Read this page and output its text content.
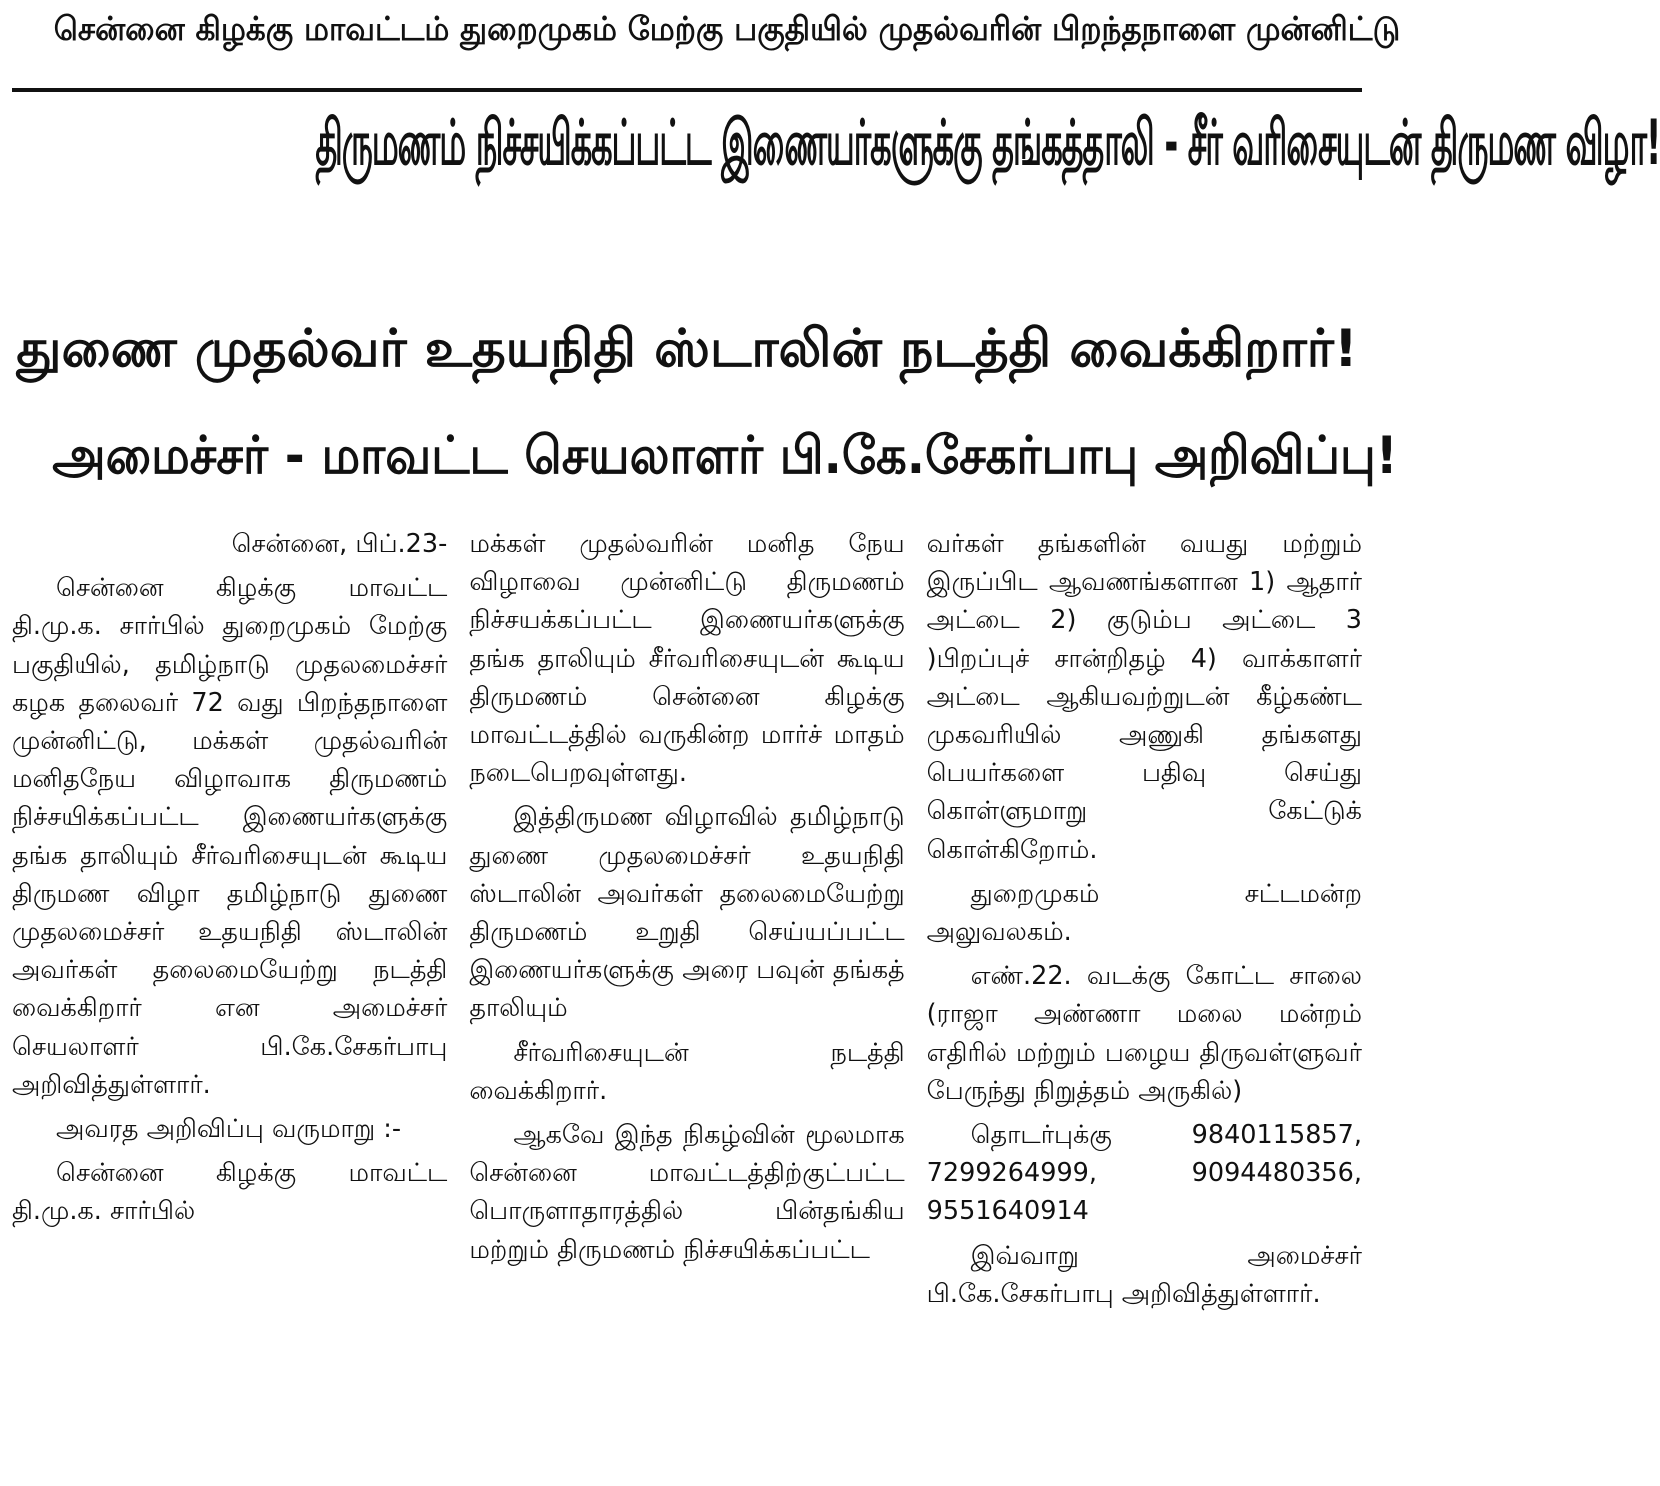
சென்னை கிழக்கு மாவட்டம் துறைமுகம் மேற்கு பகுதியில் முதல்வரின் பிறந்தநாளை முன்னிட்டு
திருமணம் நிச்சயிக்கப்பட்ட இணையர்களுக்கு தங்கத்தாலி - சீர் வரிசையுடன் திருமண விழா!
துணை முதல்வர் உதயநிதி ஸ்டாலின் நடத்தி வைக்கிறார்!
அமைச்சர் - மாவட்ட செயலாளர் பி.கே.சேகர்பாபு அறிவிப்பு!

சென்னை, பிப்.23-

சென்னை கிழக்கு மாவட்ட தி.மு.க. சார்பில் துறைமுகம் மேற்கு பகுதியில், தமிழ்நாடு முதலமைச்சர் கழக தலைவர் 72 வது பிறந்தநாளை முன்னிட்டு, மக்கள் முதல்வரின் மனிதநேய விழாவாக திருமணம் நிச்சயிக்கப்பட்ட இணையர்களுக்கு தங்க தாலியும் சீர்வரிசையுடன் கூடிய திருமண விழா தமிழ்நாடு துணை முதலமைச்சர் உதயநிதி ஸ்டாலின் அவர்கள் தலைமையேற்று நடத்தி வைக்கிறார் என அமைச்சர் செயலாளர் பி.கே.சேகர்பாபு அறிவித்துள்ளார்.

அவரத அறிவிப்பு வருமாறு :-

சென்னை கிழக்கு மாவட்ட தி.மு.க. சார்பில்

மக்கள் முதல்வரின் மனித நேய விழாவை முன்னிட்டு திருமணம் நிச்சயக்கப்பட்ட இணையர்களுக்கு தங்க தாலியும் சீர்வரிசையுடன் கூடிய திருமணம் சென்னை கிழக்கு மாவட்டத்தில் வருகின்ற மார்ச் மாதம் நடைபெறவுள்ளது.

இத்திருமண விழாவில் தமிழ்நாடு துணை முதலமைச்சர் உதயநிதி ஸ்டாலின் அவர்கள் தலைமையேற்று திருமணம் உறுதி செய்யப்பட்ட இணையர்களுக்கு அரை பவுன் தங்கத் தாலியும்

சீர்வரிசையுடன் நடத்தி வைக்கிறார்.

ஆகவே இந்த நிகழ்வின் மூலமாக சென்னை மாவட்டத்திற்குட்பட்ட பொருளாதாரத்தில் பின்தங்கிய மற்றும் திருமணம் நிச்சயிக்கப்பட்ட

வர்கள் தங்களின் வயது மற்றும் இருப்பிட ஆவணங்களான 1) ஆதார் அட்டை 2) குடும்ப அட்டை 3 )பிறப்புச் சான்றிதழ் 4) வாக்காளர் அட்டை ஆகியவற்றுடன் கீழ்கண்ட முகவரியில் அணுகி தங்களது பெயர்களை பதிவு செய்து கொள்ளுமாறு கேட்டுக் கொள்கிறோம்.

துறைமுகம் சட்டமன்ற அலுவலகம்.

எண்.22. வடக்கு கோட்ட சாலை (ராஜா அண்ணா மலை மன்றம் எதிரில் மற்றும் பழைய திருவள்ளுவர் பேருந்து நிறுத்தம் அருகில்)

தொடர்புக்கு 9840115857, 7299264999, 9094480356, 9551640914

இவ்வாறு அமைச்சர் பி.கே.சேகர்பாபு அறிவித்துள்ளார்.
